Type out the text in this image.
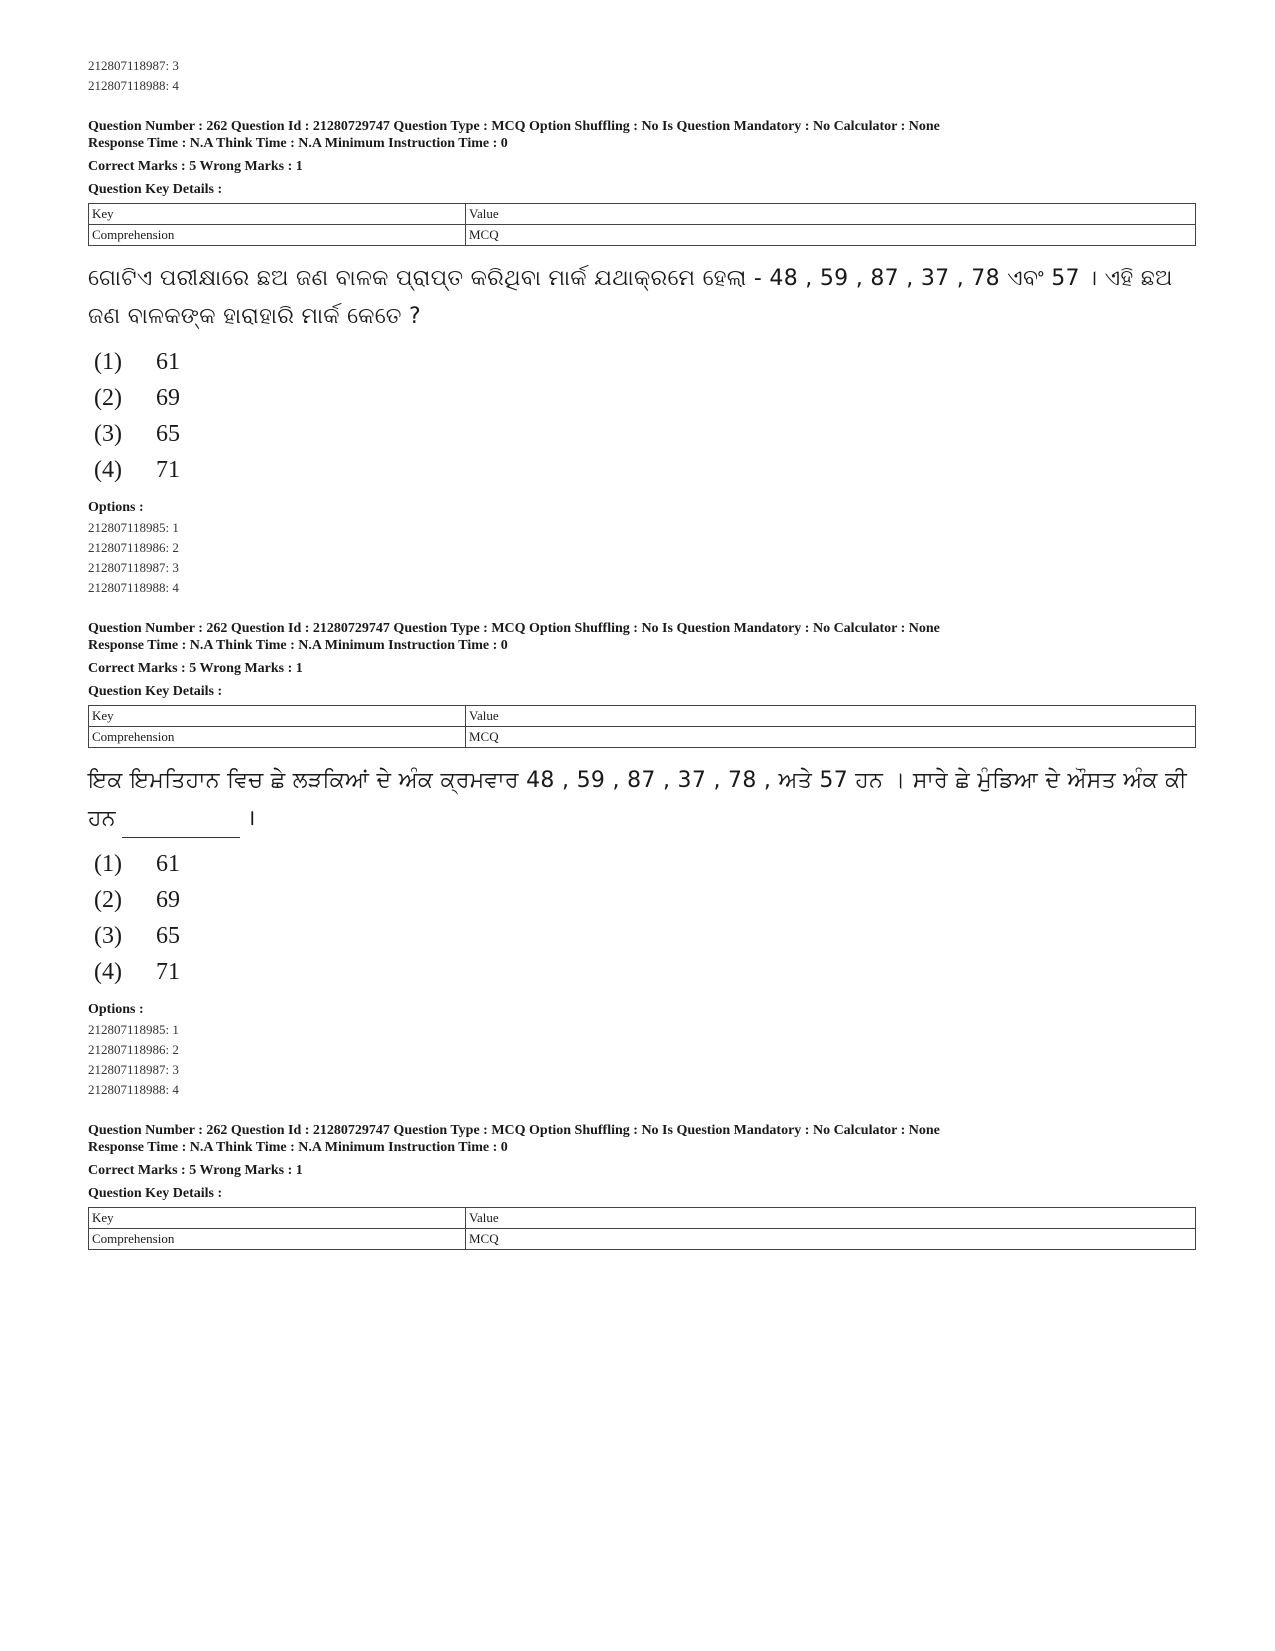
212807118987: 3
212807118988: 4
Question Number : 262 Question Id : 21280729747 Question Type : MCQ Option Shuffling : No Is Question Mandatory : No Calculator : None
Response Time : N.A Think Time : N.A Minimum Instruction Time : 0
Correct Marks : 5 Wrong Marks : 1
Question Key Details :
Key	Value
Comprehension	MCQ
ଗୋଟିଏ ପରୀକ୍ଷାରେ ଛଅ ଜଣ ବାଳକ ପ୍ରାପ୍ତ କରିଥିବା ମାର୍କ ଯଥାକ୍ରମେ ହେଲା - 48 , 59 , 87 , 37 , 78 ଏବଂ 57 । ଏହି ଛଅ ଜଣ ବାଳକଙ୍କ ହାରାହାରି ମାର୍କ କେତେ ?
(1)	61
(2)	69
(3)	65
(4)	71
Options :
212807118985: 1
212807118986: 2
212807118987: 3
212807118988: 4
Question Number : 262 Question Id : 21280729747 Question Type : MCQ Option Shuffling : No Is Question Mandatory : No Calculator : None
Response Time : N.A Think Time : N.A Minimum Instruction Time : 0
Correct Marks : 5 Wrong Marks : 1
Question Key Details :
Key	Value
Comprehension	MCQ
ਇਕ ਇਮਤਿਹਾਨ ਵਿਚ ਛੇ ਲੜਕਿਆਂ ਦੇ ਅੰਕ ਕ੍ਰਮਵਾਰ 48 , 59 , 87 , 37 , 78 , ਅਤੇ 57 ਹਨ । ਸਾਰੇ ਛੇ ਮੁੰਡਿਆ ਦੇ ਔਸਤ ਅੰਕ ਕੀ ਹਨ	।
(1)	61
(2)	69
(3)	65
(4)	71
Options :
212807118985: 1
212807118986: 2
212807118987: 3
212807118988: 4
Question Number : 262 Question Id : 21280729747 Question Type : MCQ Option Shuffling : No Is Question Mandatory : No Calculator : None
Response Time : N.A Think Time : N.A Minimum Instruction Time : 0
Correct Marks : 5 Wrong Marks : 1
Question Key Details :
Key	Value
Comprehension	MCQ
